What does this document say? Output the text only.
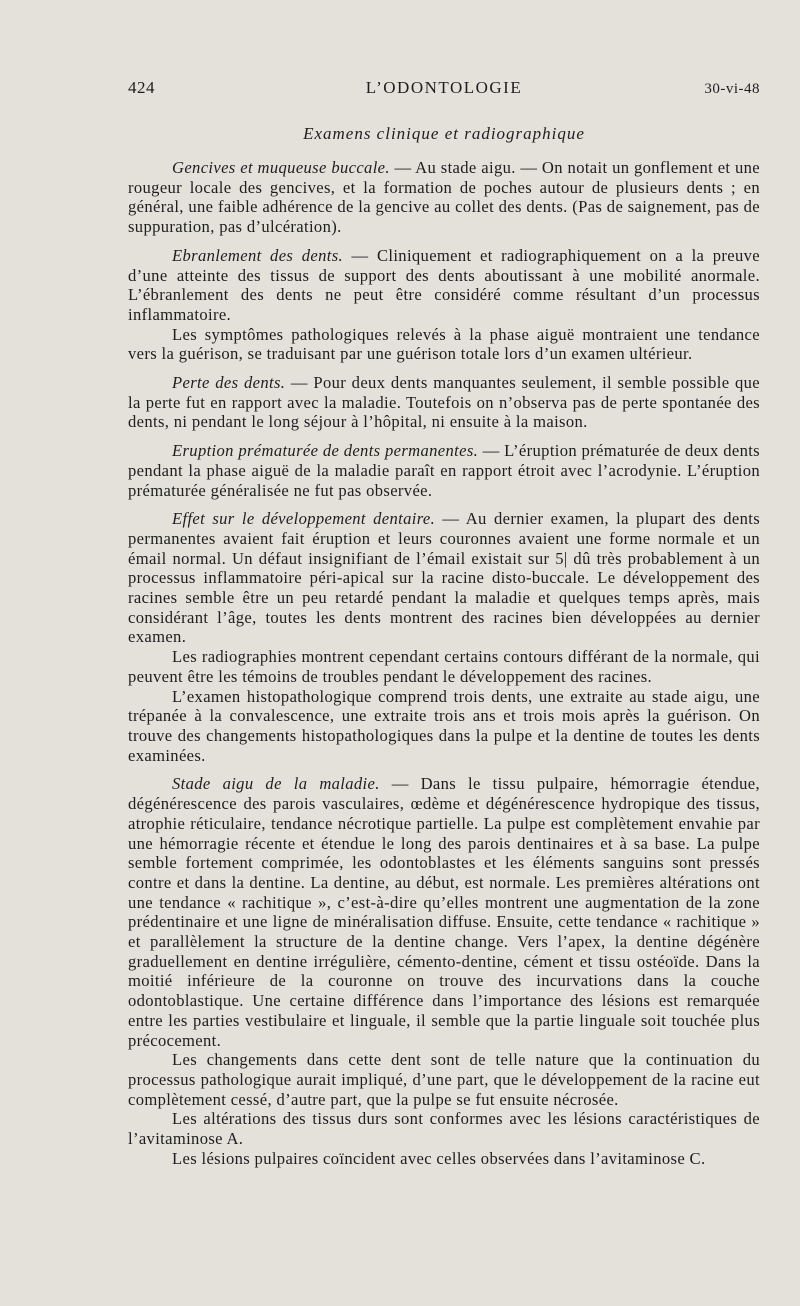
424	L’ODONTOLOGIE	30-vi-48
Examens clinique et radiographique

Gencives et muqueuse buccale. — Au stade aigu. — On notait un gonflement et une rougeur locale des gencives, et la formation de poches autour de plusieurs dents ; en général, une faible adhérence de la gencive au collet des dents. (Pas de saignement, pas de suppuration, pas d’ulcération).

Ebranlement des dents. — Cliniquement et radiographiquement on a la preuve d’une atteinte des tissus de support des dents aboutissant à une mobilité anormale. L’ébranlement des dents ne peut être considéré comme résultant d’un processus inflammatoire.

Les symptômes pathologiques relevés à la phase aiguë montraient une tendance vers la guérison, se traduisant par une guérison totale lors d’un examen ultérieur.

Perte des dents. — Pour deux dents manquantes seulement, il semble possible que la perte fut en rapport avec la maladie. Toutefois on n’observa pas de perte spontanée des dents, ni pendant le long séjour à l’hôpital, ni ensuite à la maison.

Eruption prématurée de dents permanentes. — L’éruption prématurée de deux dents pendant la phase aiguë de la maladie paraît en rapport étroit avec l’acrodynie. L’éruption prématurée généralisée ne fut pas observée.

Effet sur le développement dentaire. — Au dernier examen, la plupart des dents permanentes avaient fait éruption et leurs couronnes avaient une forme normale et un émail normal. Un défaut insignifiant de l’émail existait sur 5| dû très probablement à un processus inflammatoire péri-apical sur la racine disto-buccale. Le développement des racines semble être un peu retardé pendant la maladie et quelques temps après, mais considérant l’âge, toutes les dents montrent des racines bien développées au dernier examen.

Les radiographies montrent cependant certains contours différant de la normale, qui peuvent être les témoins de troubles pendant le développement des racines.

L’examen histopathologique comprend trois dents, une extraite au stade aigu, une trépanée à la convalescence, une extraite trois ans et trois mois après la guérison. On trouve des changements histopathologiques dans la pulpe et la dentine de toutes les dents examinées.

Stade aigu de la maladie. — Dans le tissu pulpaire, hémorragie étendue, dégénérescence des parois vasculaires, œdème et dégénérescence hydropique des tissus, atrophie réticulaire, tendance nécrotique partielle. La pulpe est complètement envahie par une hémorragie récente et étendue le long des parois dentinaires et à sa base. La pulpe semble fortement comprimée, les odontoblastes et les éléments sanguins sont pressés contre et dans la dentine. La dentine, au début, est normale. Les premières altérations ont une tendance « rachitique », c’est-à-dire qu’elles montrent une augmentation de la zone prédentinaire et une ligne de minéralisation diffuse. Ensuite, cette tendance « rachitique » et parallèlement la structure de la dentine change. Vers l’apex, la dentine dégénère graduellement en dentine irrégulière, cémento-dentine, cément et tissu ostéoïde. Dans la moitié inférieure de la couronne on trouve des incurvations dans la couche odontoblastique. Une certaine différence dans l’importance des lésions est remarquée entre les parties vestibulaire et linguale, il semble que la partie linguale soit touchée plus précocement.

Les changements dans cette dent sont de telle nature que la continuation du processus pathologique aurait impliqué, d’une part, que le développement de la racine eut complètement cessé, d’autre part, que la pulpe se fut ensuite nécrosée.

Les altérations des tissus durs sont conformes avec les lésions caractéristiques de l’avitaminose A.

Les lésions pulpaires coïncident avec celles observées dans l’avitaminose C.
